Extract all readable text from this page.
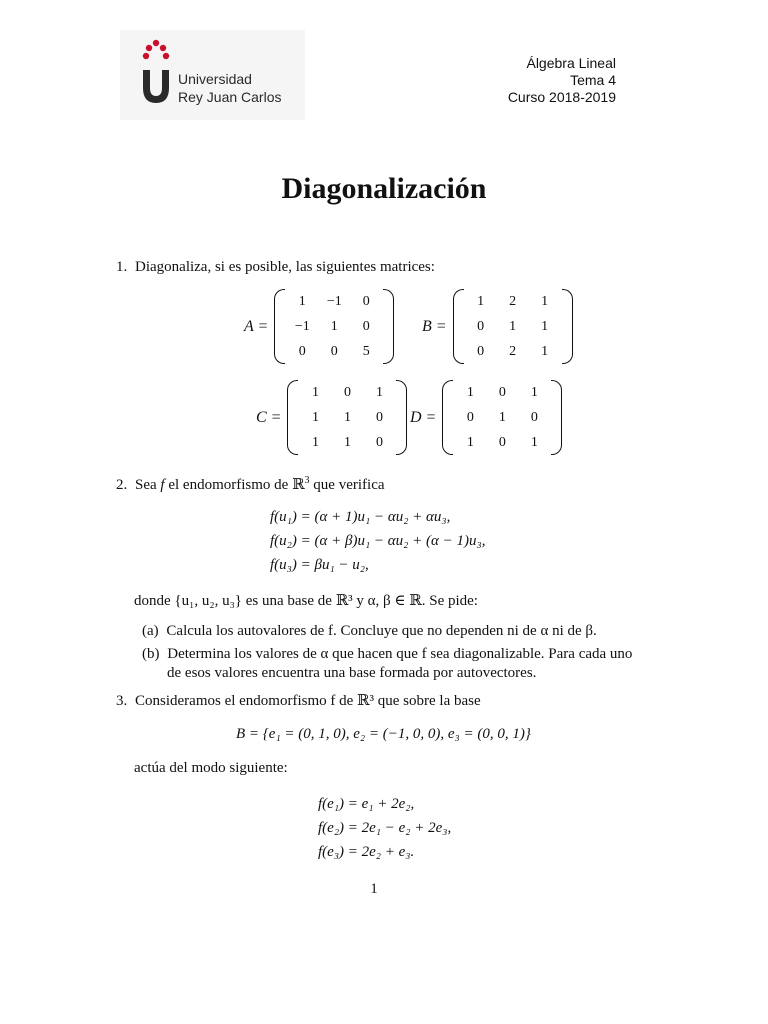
Universidad
Rey Juan Carlos
Álgebra Lineal
Tema 4
Curso 2018-2019
Diagonalización
1. Diagonaliza, si es posible, las siguientes matrices:
A =
1	−1	0
−1	1	0
0	0	5
B =
1	2	1
0	1	1
0	2	1
C =
1	0	1
1	1	0
1	1	0
D =
1	0	1
0	1	0
1	0	1
2. Sea f el endomorfismo de ℝ$^3$ que verifica
f(u₁) = (α + 1)u₁ − αu₂ + αu₃,
f(u₂) = (α + β)u₁ − αu₂ + (α − 1)u₃,
f(u₃) = βu₁ − u₂,
donde {u₁, u₂, u₃} es una base de ℝ³ y α, β ∈ ℝ. Se pide:
(a) Calcula los autovalores de f. Concluye que no dependen ni de α ni de β.
(b) Determina los valores de α que hacen que f sea diagonalizable. Para cada uno
de esos valores encuentra una base formada por autovectores.
3. Consideramos el endomorfismo f de ℝ³ que sobre la base
B = {e₁ = (0, 1, 0), e₂ = (−1, 0, 0), e₃ = (0, 0, 1)}
actúa del modo siguiente:
f(e₁) = e₁ + 2e₂,
f(e₂) = 2e₁ − e₂ + 2e₃,
f(e₃) = 2e₂ + e₃.
1
